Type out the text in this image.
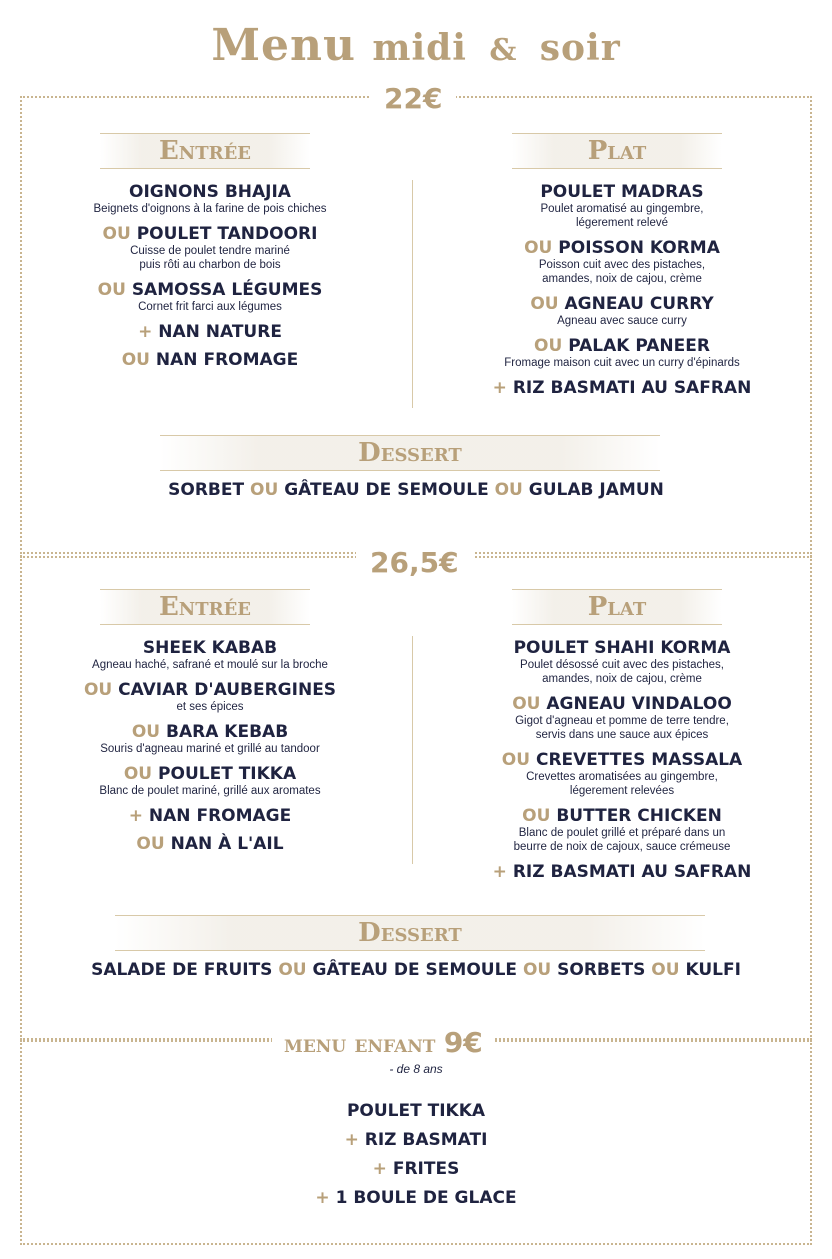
Menu midi & soir
22€
Entrée	Plat
OIGNONS BHAJIA
Beignets d'oignons à la farine de pois chiches
OU POULET TANDOORI
Cuisse de poulet tendre mariné
puis rôti au charbon de bois
OU SAMOSSA LÉGUMES
Cornet frit farci aux légumes
+ NAN NATURE
OU NAN FROMAGE
POULET MADRAS
Poulet aromatisé au gingembre,
légerement relevé
OU POISSON KORMA
Poisson cuit avec des pistaches,
amandes, noix de cajou, crème
OU AGNEAU CURRY
Agneau avec sauce curry
OU PALAK PANEER
Fromage maison cuit avec un curry d'épinards
+ RIZ BASMATI AU SAFRAN
Dessert
SORBET OU GÂTEAU DE SEMOULE OU GULAB JAMUN
26,5€
Entrée	Plat
SHEEK KABAB
Agneau haché, safrané et moulé sur la broche
OU CAVIAR D'AUBERGINES
et ses épices
OU BARA KEBAB
Souris d'agneau mariné et grillé au tandoor
OU POULET TIKKA
Blanc de poulet mariné, grillé aux aromates
+ NAN FROMAGE
OU NAN À L'AIL
POULET SHAHI KORMA
Poulet désossé cuit avec des pistaches,
amandes, noix de cajou, crème
OU AGNEAU VINDALOO
Gigot d'agneau et pomme de terre tendre,
servis dans une sauce aux épices
OU CREVETTES MASSALA
Crevettes aromatisées au gingembre,
légerement relevées
OU BUTTER CHICKEN
Blanc de poulet grillé et préparé dans un
beurre de noix de cajoux, sauce crémeuse
+ RIZ BASMATI AU SAFRAN
Dessert
SALADE DE FRUITS OU GÂTEAU DE SEMOULE OU SORBETS OU KULFI
menu enfant 9€
- de 8 ans
POULET TIKKA
+ RIZ BASMATI
+ FRITES
+ 1 BOULE DE GLACE
